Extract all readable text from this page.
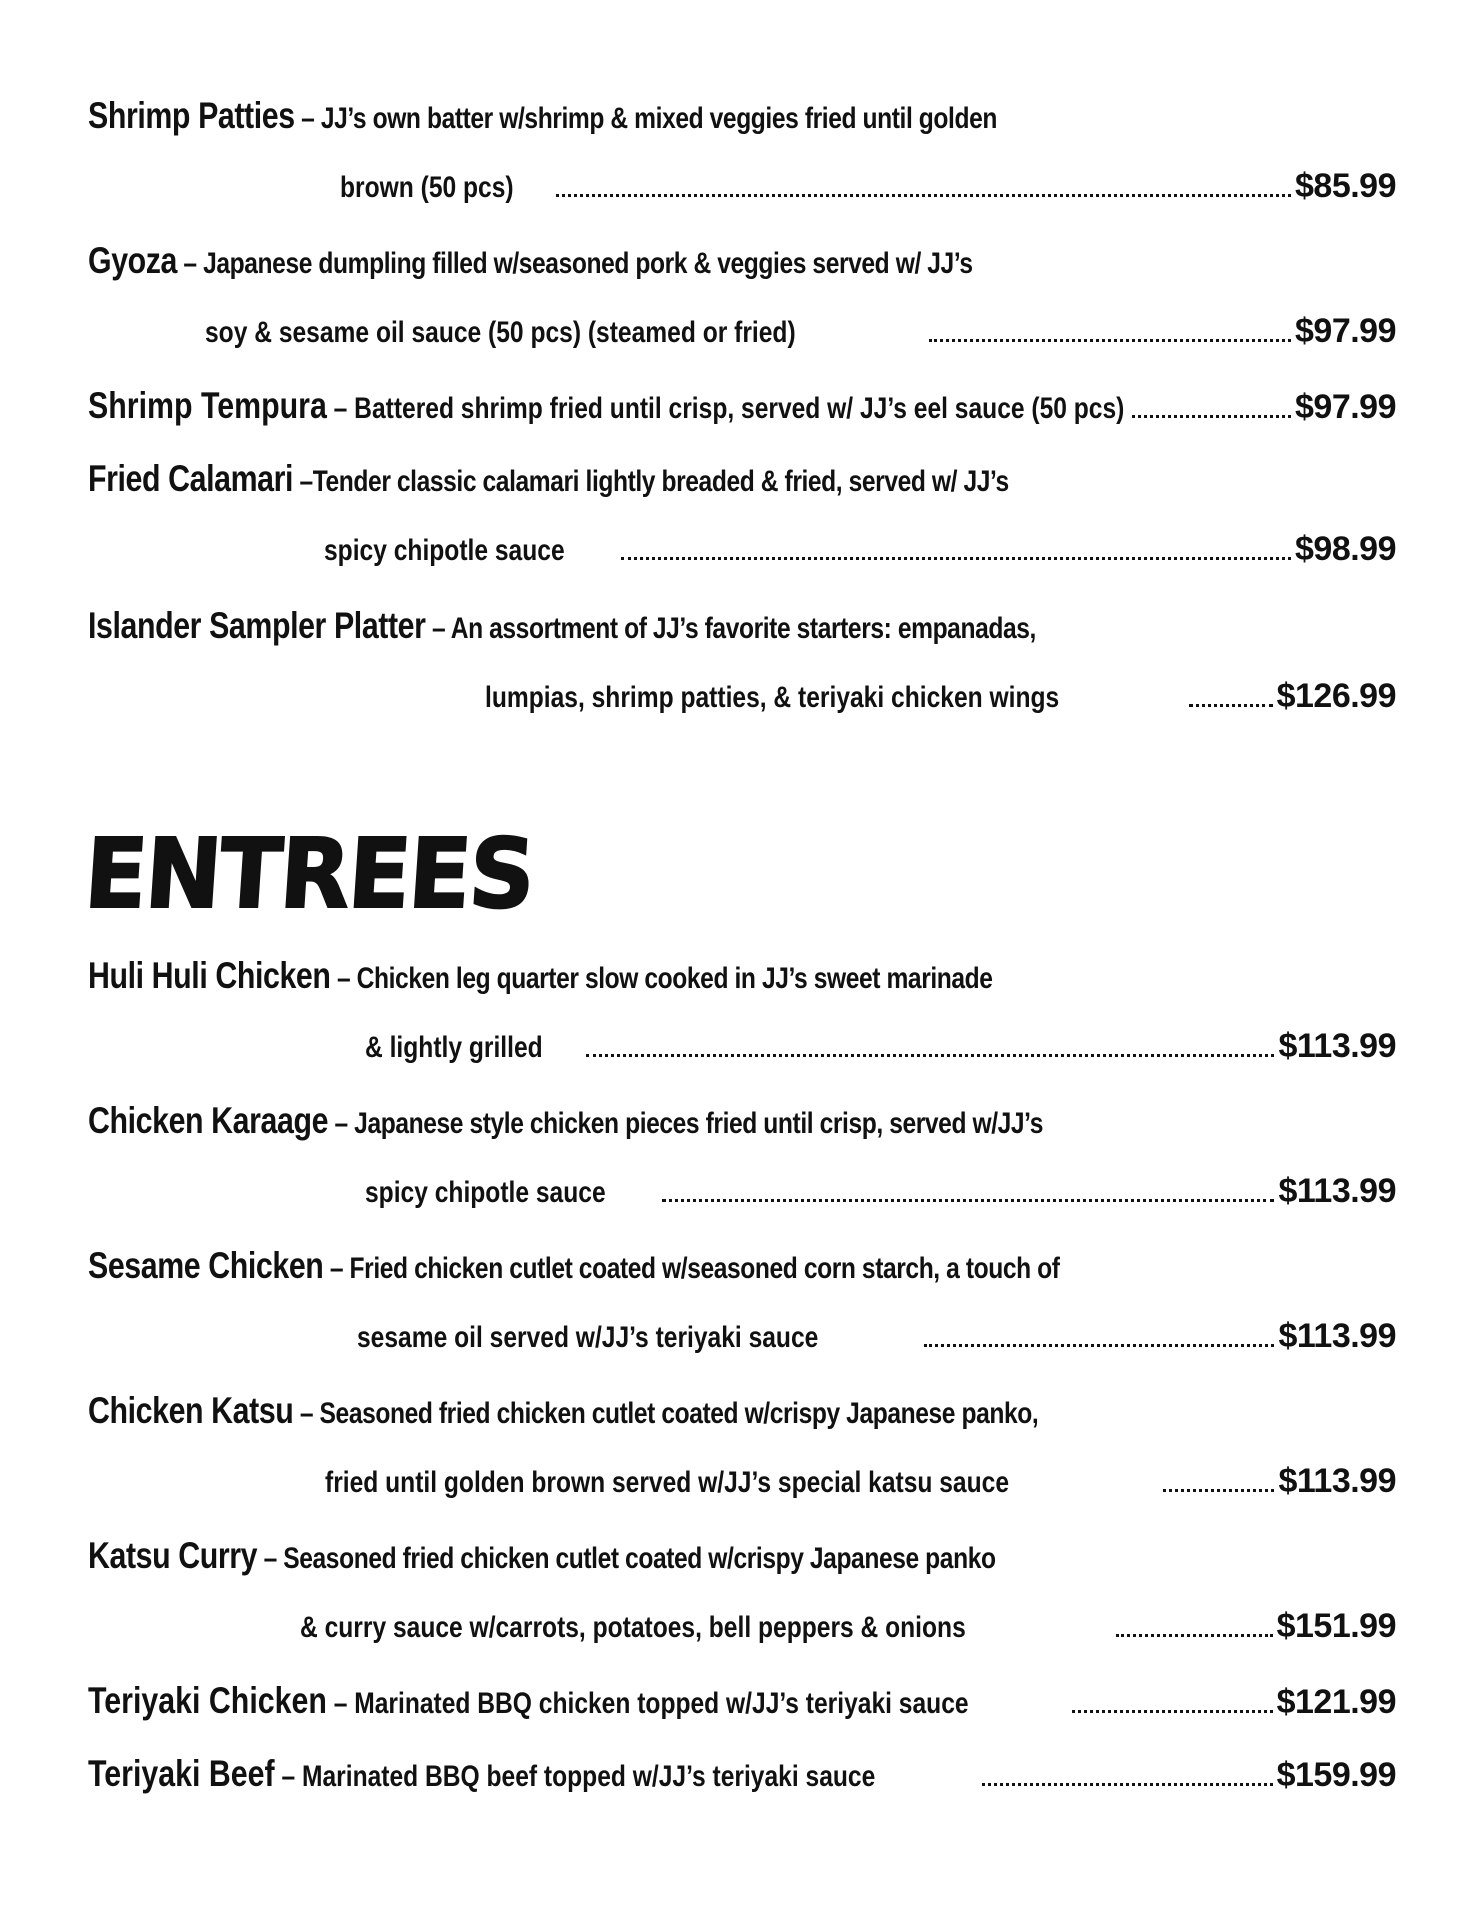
Shrimp Patties – JJ’s own batter w/shrimp & mixed veggies fried until golden
brown (50 pcs)	$85.99
Gyoza – Japanese dumpling filled w/seasoned pork & veggies served w/ JJ’s
soy & sesame oil sauce (50 pcs) (steamed or fried)	$97.99
Shrimp Tempura – Battered shrimp fried until crisp, served w/ JJ’s eel sauce (50 pcs)	$97.99
Fried Calamari –Tender classic calamari lightly breaded & fried, served w/ JJ’s
spicy chipotle sauce	$98.99
Islander Sampler Platter – An assortment of JJ’s favorite starters: empanadas,
lumpias, shrimp patties, & teriyaki chicken wings	$126.99
ENTREES
Huli Huli Chicken – Chicken leg quarter slow cooked in JJ’s sweet marinade
& lightly grilled	$113.99
Chicken Karaage – Japanese style chicken pieces fried until crisp, served w/JJ’s
spicy chipotle sauce	$113.99
Sesame Chicken – Fried chicken cutlet coated w/seasoned corn starch, a touch of
sesame oil served w/JJ’s teriyaki sauce	$113.99
Chicken Katsu – Seasoned fried chicken cutlet coated w/crispy Japanese panko,
fried until golden brown served w/JJ’s special katsu sauce	$113.99
Katsu Curry – Seasoned fried chicken cutlet coated w/crispy Japanese panko
& curry sauce w/carrots, potatoes, bell peppers & onions	$151.99
Teriyaki Chicken – Marinated BBQ chicken topped w/JJ’s teriyaki sauce	$121.99
Teriyaki Beef – Marinated BBQ beef topped w/JJ’s teriyaki sauce	$159.99
